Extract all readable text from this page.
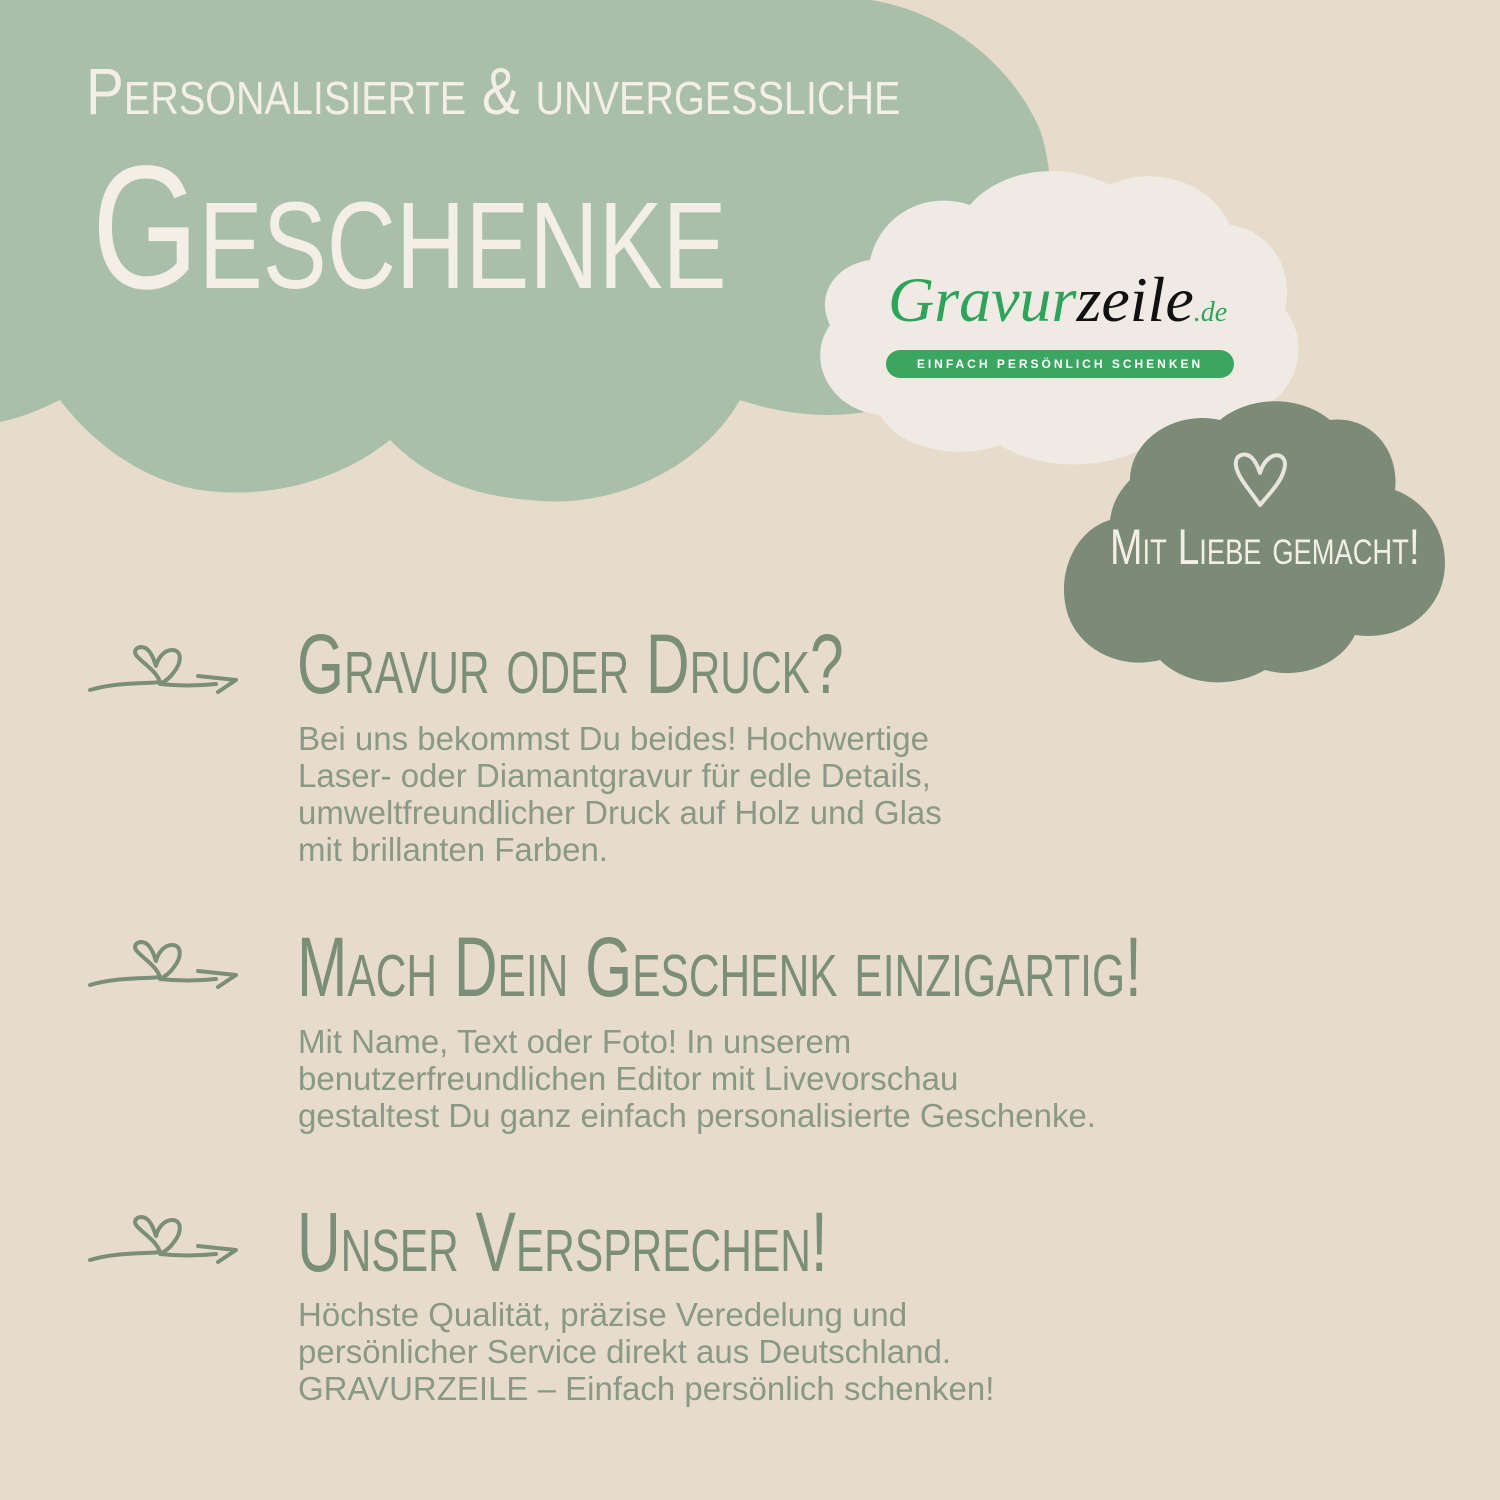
Personalisierte & unvergessliche
Geschenke	Gravurzeile.de
EINFACH PERSÖNLICH SCHENKEN
Mit Liebe gemacht!
Gravur oder Druck?
Bei uns bekommst Du beides! Hochwertige
Laser- oder Diamantgravur für edle Details,
umweltfreundlicher Druck auf Holz und Glas
mit brillanten Farben.
Mach Dein Geschenk einzigartig!
Mit Name, Text oder Foto! In unserem
benutzerfreundlichen Editor mit Livevorschau
gestaltest Du ganz einfach personalisierte Geschenke.
Unser Versprechen!
Höchste Qualität, präzise Veredelung und
persönlicher Service direkt aus Deutschland.
GRAVURZEILE – Einfach persönlich schenken!
